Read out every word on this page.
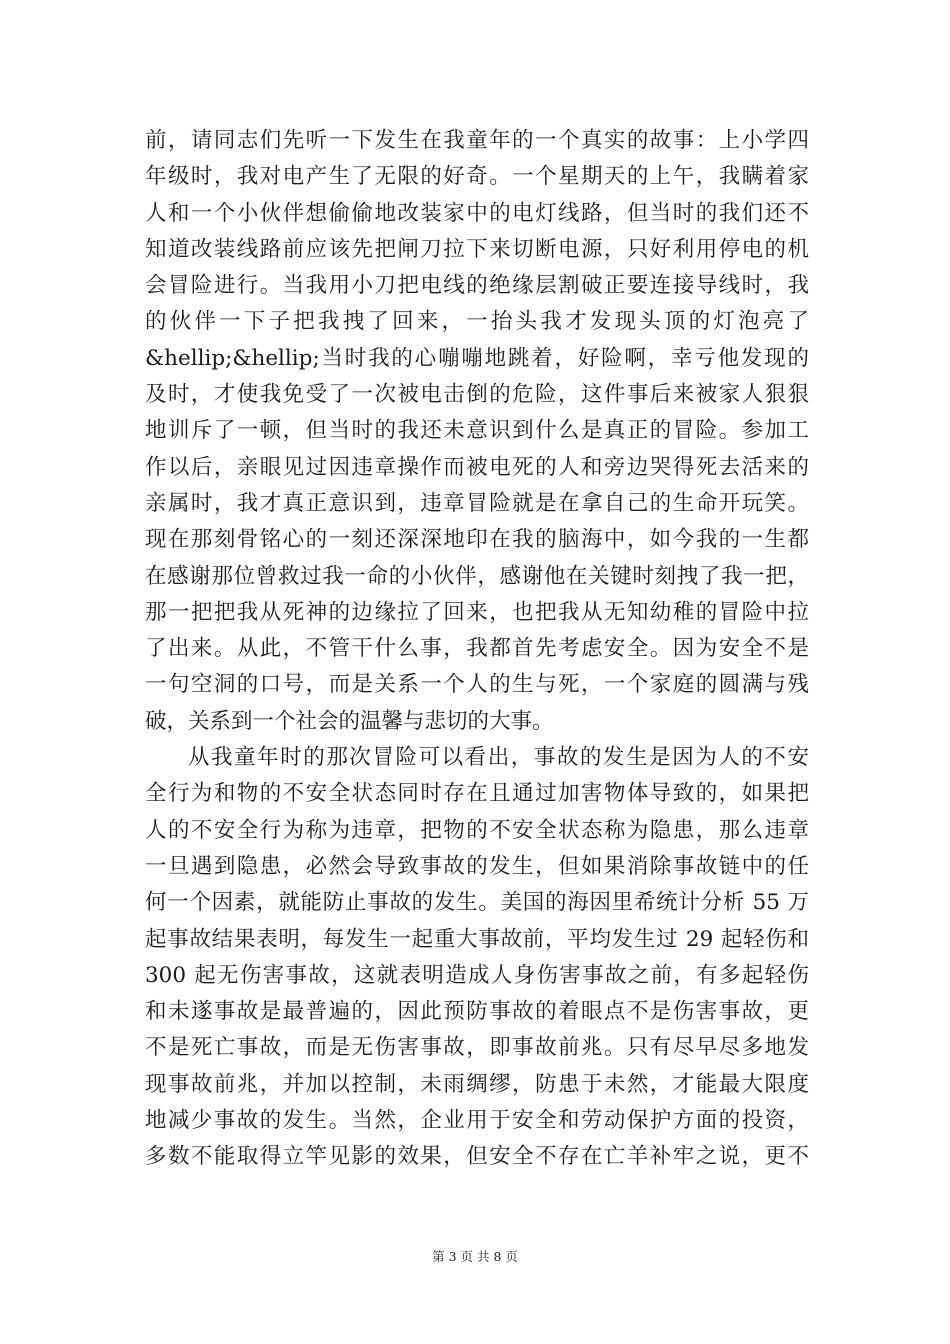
前，请同志们先听一下发生在我童年的一个真实的故事：上小学四
年级时，我对电产生了无限的好奇。一个星期天的上午，我瞒着家
人和一个小伙伴想偷偷地改装家中的电灯线路，但当时的我们还不
知道改装线路前应该先把闸刀拉下来切断电源，只好利用停电的机
会冒险进行。当我用小刀把电线的绝缘层割破正要连接导线时，我
的伙伴一下子把我拽了回来，一抬头我才发现头顶的灯泡亮了
&hellip;&hellip;当时我的心嘣嘣地跳着，好险啊，幸亏他发现的
及时，才使我免受了一次被电击倒的危险，这件事后来被家人狠狠
地训斥了一顿，但当时的我还未意识到什么是真正的冒险。参加工
作以后，亲眼见过因违章操作而被电死的人和旁边哭得死去活来的
亲属时，我才真正意识到，违章冒险就是在拿自己的生命开玩笑。
现在那刻骨铭心的一刻还深深地印在我的脑海中，如今我的一生都
在感谢那位曾救过我一命的小伙伴，感谢他在关键时刻拽了我一把，
那一把把我从死神的边缘拉了回来，也把我从无知幼稚的冒险中拉
了出来。从此，不管干什么事，我都首先考虑安全。因为安全不是
一句空洞的口号，而是关系一个人的生与死，一个家庭的圆满与残
破，关系到一个社会的温馨与悲切的大事。
从我童年时的那次冒险可以看出，事故的发生是因为人的不安
全行为和物的不安全状态同时存在且通过加害物体导致的，如果把
人的不安全行为称为违章，把物的不安全状态称为隐患，那么违章
一旦遇到隐患，必然会导致事故的发生，但如果消除事故链中的任
何一个因素，就能防止事故的发生。美国的海因里希统计分析 55 万
起事故结果表明，每发生一起重大事故前，平均发生过 29 起轻伤和
300 起无伤害事故，这就表明造成人身伤害事故之前，有多起轻伤
和未遂事故是最普遍的，因此预防事故的着眼点不是伤害事故，更
不是死亡事故，而是无伤害事故，即事故前兆。只有尽早尽多地发
现事故前兆，并加以控制，未雨绸缪，防患于未然，才能最大限度
地减少事故的发生。当然，企业用于安全和劳动保护方面的投资，
多数不能取得立竿见影的效果，但安全不存在亡羊补牢之说，更不
第 3 页 共 8 页
